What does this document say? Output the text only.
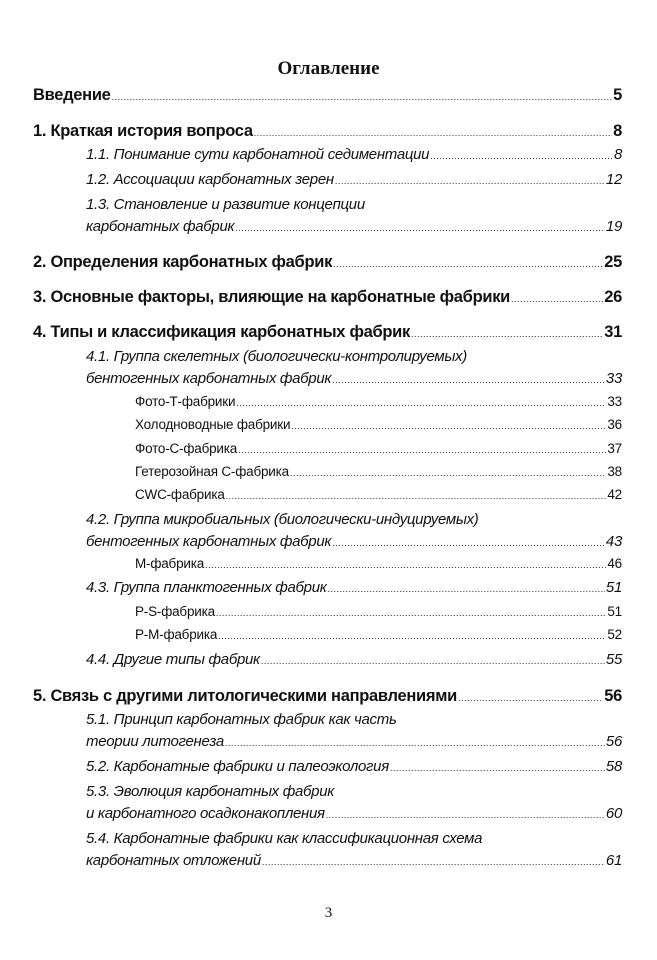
Оглавление
Введение .....	5
1. Краткая история вопроса .....	8
1.1. Понимание сути карбонатной седиментации .....	8
1.2. Ассоциации карбонатных зерен .....	12
1.3. Становление и развитие концепции
карбонатных фабрик .....	19
2. Определения карбонатных фабрик .....	25
3. Основные факторы, влияющие на карбонатные фабрики .....	26
4. Типы и классификация карбонатных фабрик .....	31
4.1. Группа скелетных (биологически-контролируемых)
бентогенных карбонатных фабрик .....	33
Фото-Т-фабрики .....	33
Холодноводные фабрики .....	36
Фото-С-фабрика .....	37
Гетерозойная С-фабрика .....	38
CWC-фабрика .....	42
4.2. Группа микробиальных (биологически-индуцируемых)
бентогенных карбонатных фабрик .....	43
М-фабрика .....	46
4.3. Группа планктогенных фабрик .....	51
P-S-фабрика .....	51
P-M-фабрика .....	52
4.4. Другие типы фабрик .....	55
5. Связь с другими литологическими направлениями .....	56
5.1. Принцип карбонатных фабрик как часть
теории литогенеза .....	56
5.2. Карбонатные фабрики и палеоэкология .....	58
5.3. Эволюция карбонатных фабрик
и карбонатного осадконакопления .....	60
5.4. Карбонатные фабрики как классификационная схема
карбонатных отложений .....	61
3
